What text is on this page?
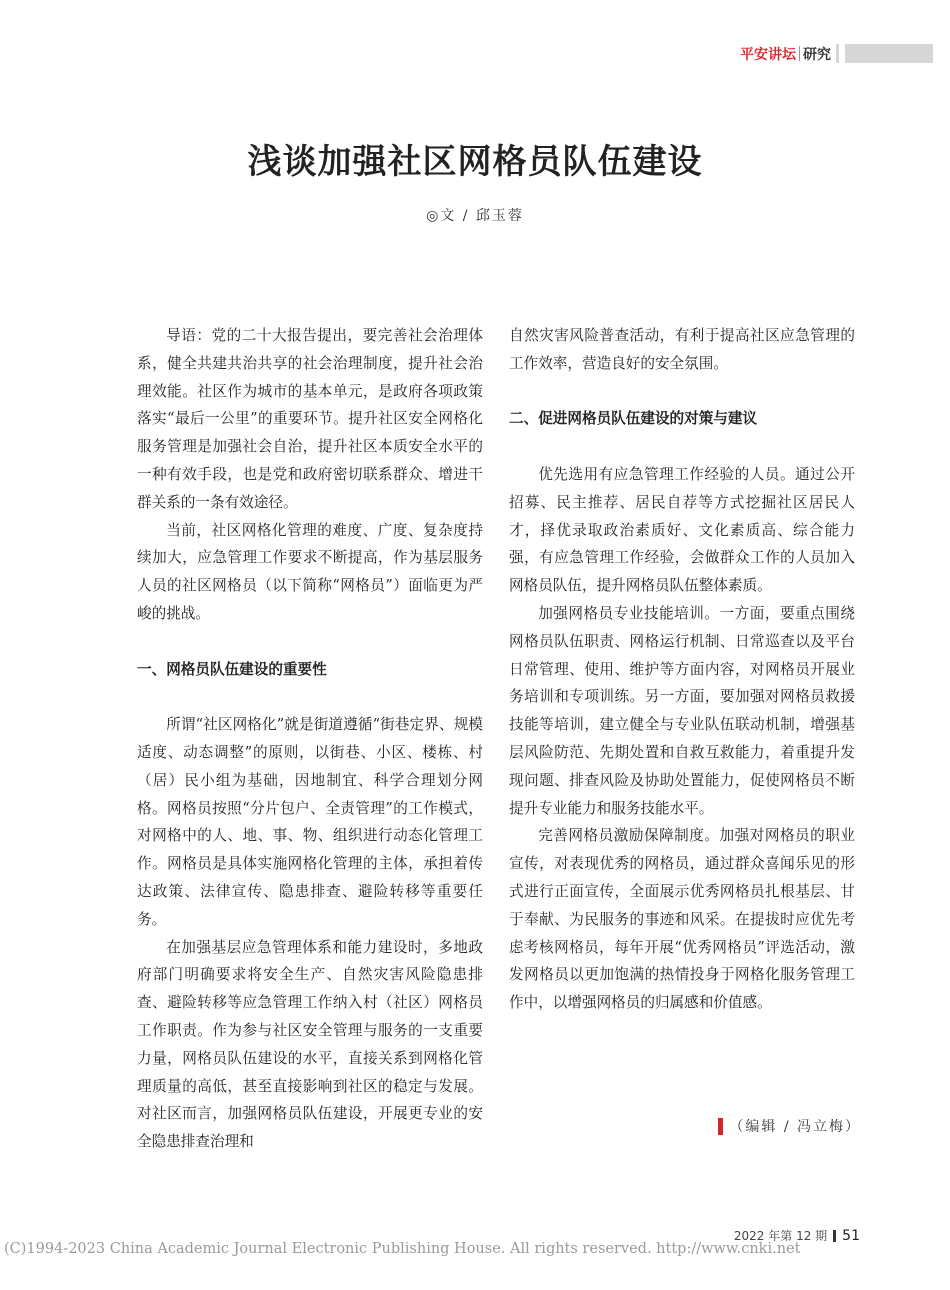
平安讲坛 研究
浅谈加强社区网格员队伍建设
◎文 / 邱玉蓉

导语：党的二十大报告提出，要完善社会治理体系，健全共建共治共享的社会治理制度，提升社会治理效能。社区作为城市的基本单元，是政府各项政策落实“最后一公里”的重要环节。提升社区安全网格化服务管理是加强社会自治，提升社区本质安全水平的一种有效手段，也是党和政府密切联系群众、增进干群关系的一条有效途径。

当前，社区网格化管理的难度、广度、复杂度持续加大，应急管理工作要求不断提高，作为基层服务人员的社区网格员（以下简称“网格员”）面临更为严峻的挑战。

一、网格员队伍建设的重要性

所谓“社区网格化”就是街道遵循“街巷定界、规模适度、动态调整”的原则，以街巷、小区、楼栋、村（居）民小组为基础，因地制宜、科学合理划分网格。网格员按照“分片包户、全责管理”的工作模式，对网格中的人、地、事、物、组织进行动态化管理工作。网格员是具体实施网格化管理的主体，承担着传达政策、法律宣传、隐患排查、避险转移等重要任务。

在加强基层应急管理体系和能力建设时，多地政府部门明确要求将安全生产、自然灾害风险隐患排查、避险转移等应急管理工作纳入村（社区）网格员工作职责。作为参与社区安全管理与服务的一支重要力量，网格员队伍建设的水平，直接关系到网格化管理质量的高低，甚至直接影响到社区的稳定与发展。对社区而言，加强网格员队伍建设，开展更专业的安全隐患排查治理和

自然灾害风险普查活动，有利于提高社区应急管理的工作效率，营造良好的安全氛围。

二、促进网格员队伍建设的对策与建议

优先选用有应急管理工作经验的人员。通过公开招募、民主推荐、居民自荐等方式挖掘社区居民人才，择优录取政治素质好、文化素质高、综合能力强，有应急管理工作经验，会做群众工作的人员加入网格员队伍，提升网格员队伍整体素质。

加强网格员专业技能培训。一方面，要重点围绕网格员队伍职责、网格运行机制、日常巡查以及平台日常管理、使用、维护等方面内容，对网格员开展业务培训和专项训练。另一方面，要加强对网格员救援技能等培训，建立健全与专业队伍联动机制，增强基层风险防范、先期处置和自救互救能力，着重提升发现问题、排查风险及协助处置能力，促使网格员不断提升专业能力和服务技能水平。

完善网格员激励保障制度。加强对网格员的职业宣传，对表现优秀的网格员，通过群众喜闻乐见的形式进行正面宣传，全面展示优秀网格员扎根基层、甘于奉献、为民服务的事迹和风采。在提拔时应优先考虑考核网格员，每年开展“优秀网格员”评选活动，激发网格员以更加饱满的热情投身于网格化服务管理工作中，以增强网格员的归属感和价值感。

（编辑 / 冯立梅）
2022 年第 12 期 51
(C)1994-2023 China Academic Journal Electronic Publishing House. All rights reserved. http://www.cnki.net
